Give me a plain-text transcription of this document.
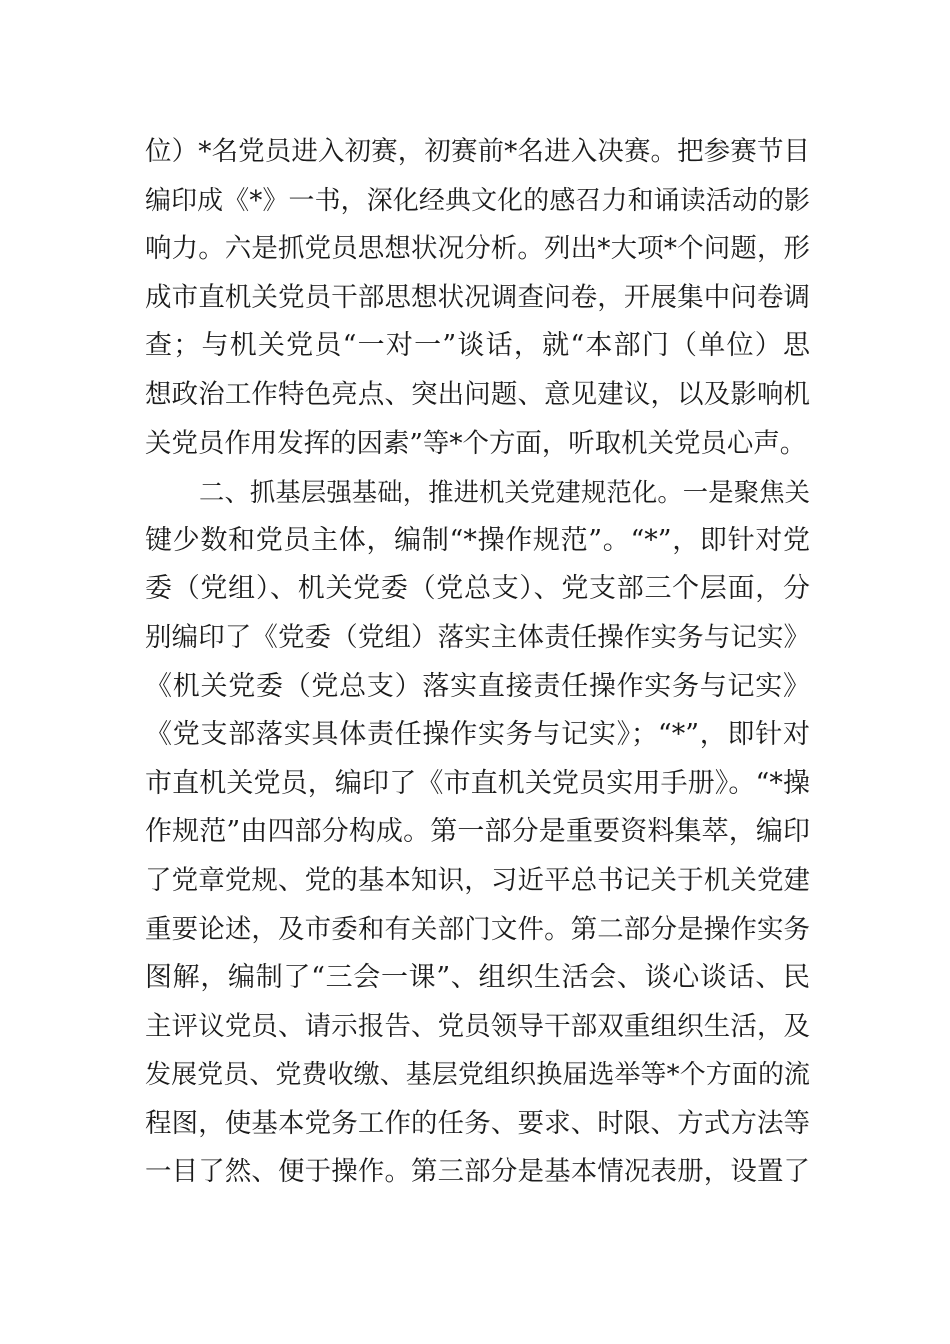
位）*名党员进入初赛，初赛前*名进入决赛。把参赛节目
编印成《*》一书，深化经典文化的感召力和诵读活动的影
响力。六是抓党员思想状况分析。列出*大项*个问题，形
成市直机关党员干部思想状况调查问卷，开展集中问卷调
查；与机关党员“一对一”谈话，就“本部门（单位）思
想政治工作特色亮点、突出问题、意见建议，以及影响机
关党员作用发挥的因素”等*个方面，听取机关党员心声。
二、抓基层强基础，推进机关党建规范化。一是聚焦关
键少数和党员主体，编制“*操作规范”。“*”，即针对党
委（党组）、机关党委（党总支）、党支部三个层面，分
别编印了《党委（党组）落实主体责任操作实务与记实》
《机关党委（党总支）落实直接责任操作实务与记实》
《党支部落实具体责任操作实务与记实》；“*”，即针对
市直机关党员，编印了《市直机关党员实用手册》。“*操
作规范”由四部分构成。第一部分是重要资料集萃，编印
了党章党规、党的基本知识，习近平总书记关于机关党建
重要论述，及市委和有关部门文件。第二部分是操作实务
图解，编制了“三会一课”、组织生活会、谈心谈话、民
主评议党员、请示报告、党员领导干部双重组织生活，及
发展党员、党费收缴、基层党组织换届选举等*个方面的流
程图，使基本党务工作的任务、要求、时限、方式方法等
一目了然、便于操作。第三部分是基本情况表册，设置了
